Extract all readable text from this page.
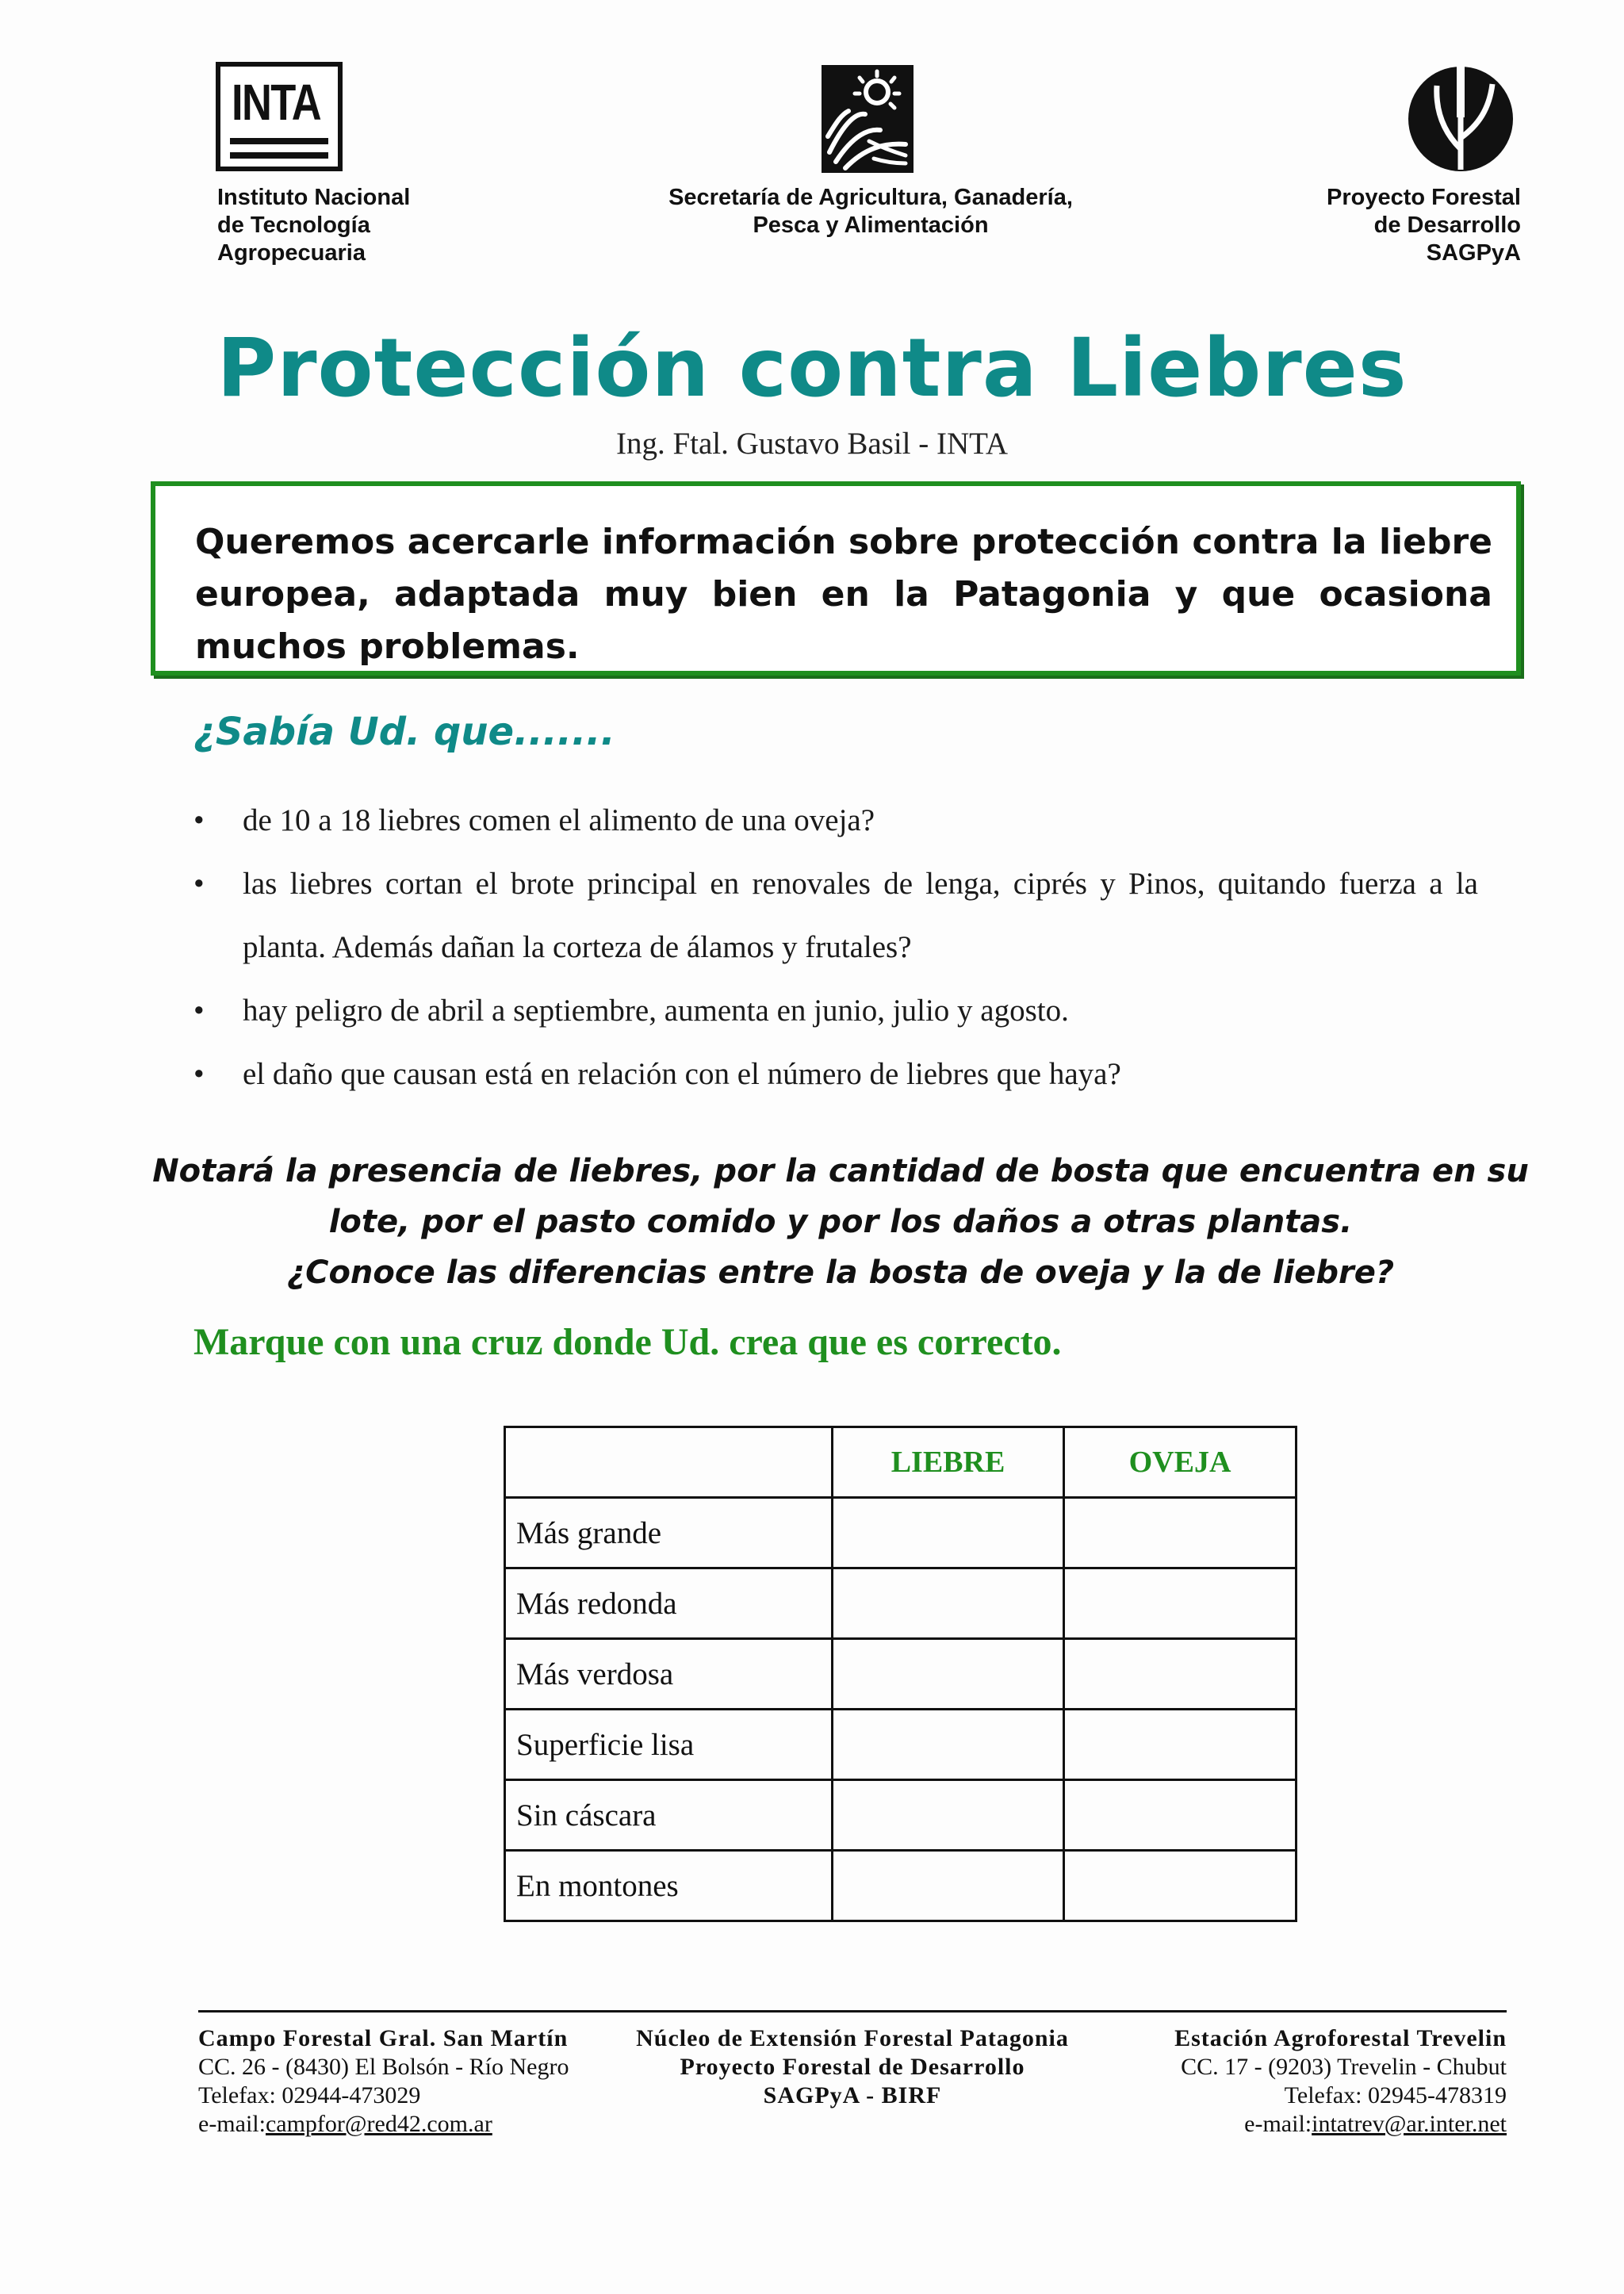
INTA
Instituto Nacional
de Tecnología
Agropecuaria
Secretaría de Agricultura, Ganadería,
Pesca y Alimentación
Proyecto Forestal
de Desarrollo
SAGPyA
Protección contra Liebres
Ing. Ftal. Gustavo Basil - INTA
Queremos acercarle información sobre protección contra la liebre europea, adaptada muy bien en la Patagonia y que ocasiona muchos problemas.
¿Sabía Ud. que.......
• de 10 a 18 liebres comen el alimento de una oveja?
• las liebres cortan el brote principal en renovales de lenga, ciprés y Pinos, quitando fuerza a la planta. Además dañan la corteza de álamos y frutales?
• hay peligro de abril a septiembre, aumenta en junio, julio y agosto.
• el daño que causan está en relación con el número de liebres que haya?
Notará la presencia de liebres, por la cantidad de bosta que encuentra en su
lote, por el pasto comido y por los daños a otras plantas.
¿Conoce las diferencias entre la bosta de oveja y la de liebre?
Marque con una cruz donde Ud. crea que es correcto.
	LIEBRE	OVEJA
Más grande		
Más redonda		
Más verdosa		
Superficie lisa		
Sin cáscara		
En montones		
Campo Forestal Gral. San Martín
CC. 26 - (8430) El Bolsón - Río Negro
Telefax: 02944-473029
e-mail:campfor@red42.com.ar
Núcleo de Extensión Forestal Patagonia
Proyecto Forestal de Desarrollo
SAGPyA - BIRF
Estación Agroforestal Trevelin
CC. 17 - (9203) Trevelin - Chubut
Telefax: 02945-478319
e-mail:intatrev@ar.inter.net
